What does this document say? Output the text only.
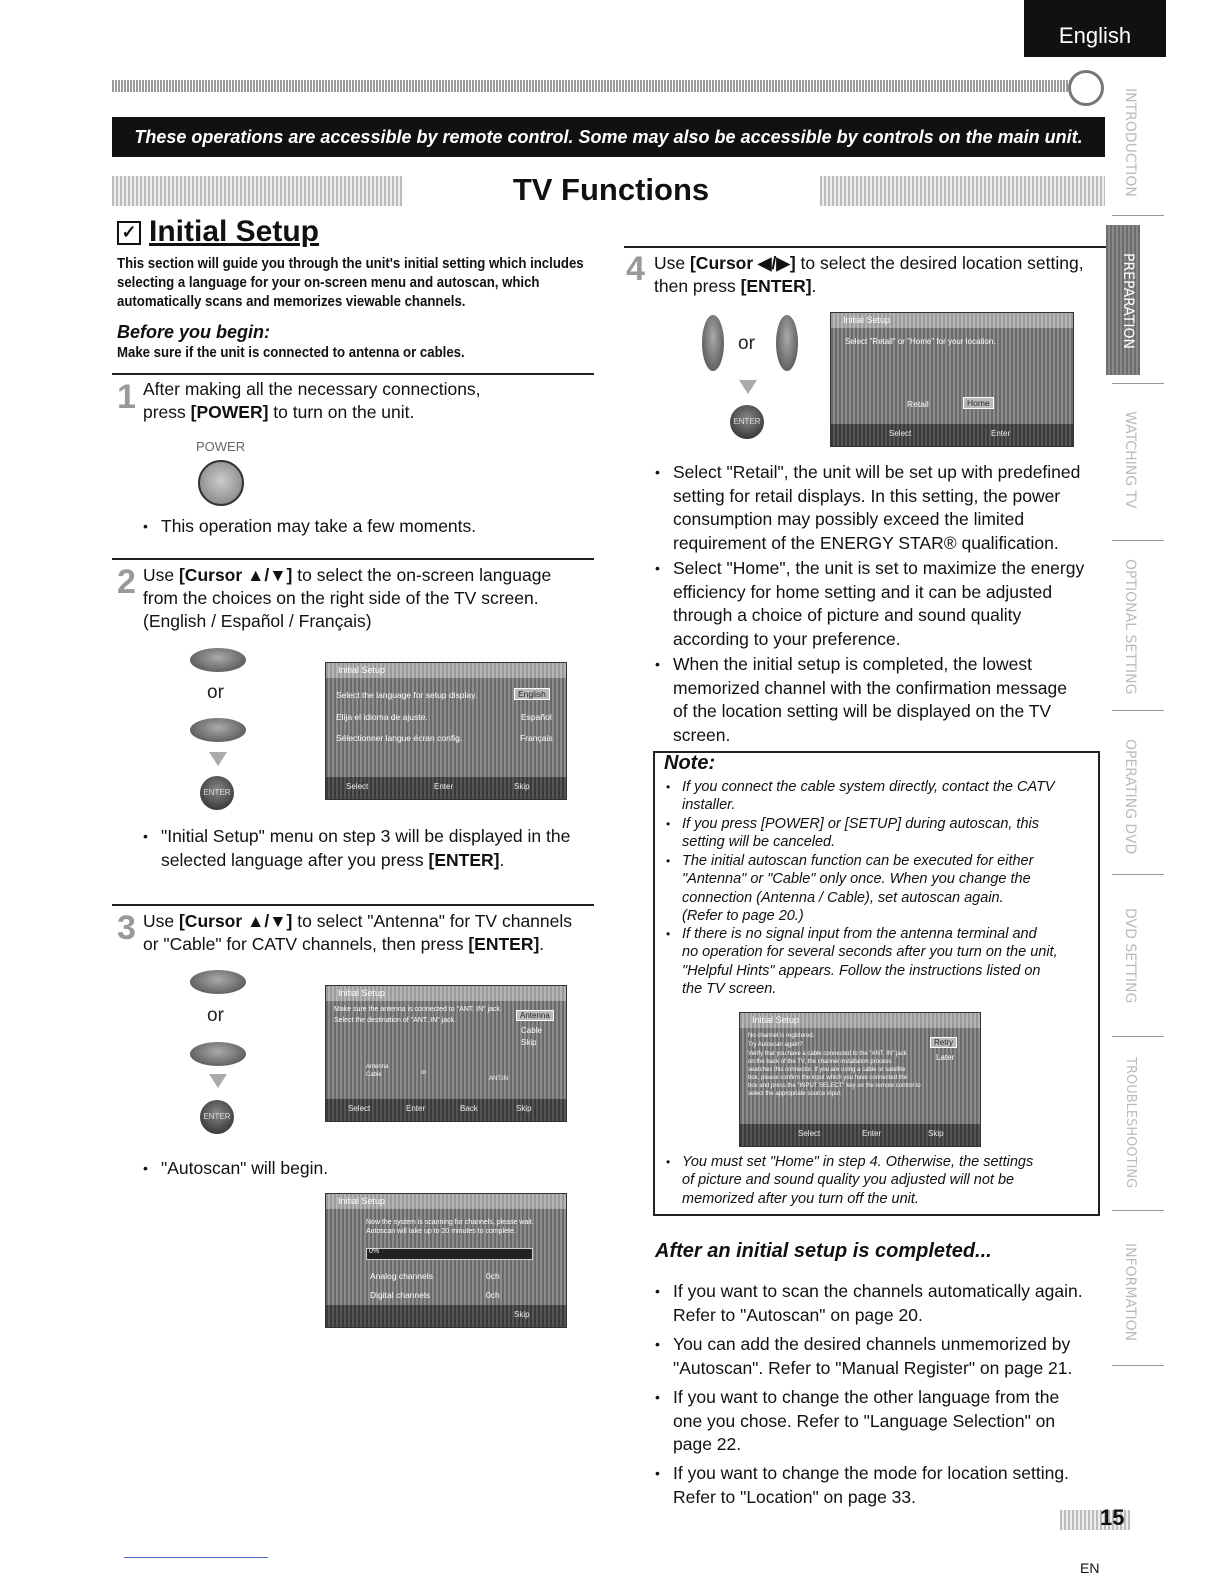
English
These operations are accessible by remote control. Some may also be accessible by controls on the main unit.
TV Functions
✓ Initial Setup
This section will guide you through the unit's initial setting which includes selecting a language for your on-screen menu and autoscan, which automatically scans and memorizes viewable channels.
Before you begin:
Make sure if the unit is connected to antenna or cables.
1 After making all the necessary connections,
press [POWER] to turn on the unit.
POWER
• This operation may take a few moments.
2 Use [Cursor ▲/▼] to select the on-screen language
from the choices on the right side of the TV screen.
(English / Español / Français)
or
ENTER
Initial Setup
Select the language for setup display.
Elija el idioma de ajuste.
Sélectionner langue écran config.
English
Español
Français
Select	Enter	Skip
• "Initial Setup" menu on step 3 will be displayed in the
selected language after you press [ENTER].
3 Use [Cursor ▲/▼] to select "Antenna" for TV channels
or "Cable" for CATV channels, then press [ENTER].
or
ENTER
Initial Setup
Make sure the antenna is connected to "ANT. IN" jack.
Select the destination of "ANT. IN" jack.
Antenna
Cable
Skip
Antenna
Cable	or
ANT.IN
Select	Enter	Back	Skip
• "Autoscan" will begin.
Initial Setup
Now the system is scanning for channels, please wait.
Autoscan will take up to 20 minutes to complete.
0%
Analog channels	0ch
Digital channels	0ch
Skip
4 Use [Cursor ◀/▶] to select the desired location setting,
then press [ENTER].
or
ENTER
Initial Setup
Select "Retail" or "Home" for your location.
Retail	Home
Select	Enter
• Select "Retail", the unit will be set up with predefined
setting for retail displays. In this setting, the power
consumption may possibly exceed the limited
requirement of the ENERGY STAR® qualification.
• Select "Home", the unit is set to maximize the energy
efficiency for home setting and it can be adjusted
through a choice of picture and sound quality
according to your preference.
• When the initial setup is completed, the lowest
memorized channel with the confirmation message
of the location setting will be displayed on the TV
screen.
Note:
• If you connect the cable system directly, contact the CATV
installer.
• If you press [POWER] or [SETUP] during autoscan, this
setting will be canceled.
• The initial autoscan function can be executed for either
"Antenna" or "Cable" only once. When you change the
connection (Antenna / Cable), set autoscan again.
(Refer to page 20.)
• If there is no signal input from the antenna terminal and
no operation for several seconds after you turn on the unit,
"Helpful Hints" appears. Follow the instructions listed on
the TV screen.
Initial Setup
No channel is registered.
Try Autoscan again?
Verify that you have a cable connected to the "ANT. IN" jack
on the back of the TV, the channel installation process
searches this connector. If you are using a cable or satellite
box, please confirm the input which you have connected the
box and press the "INPUT SELECT" key on the remote control to
select the appropriate source input.
Retry
Later
Select	Enter	Skip
• You must set "Home" in step 4. Otherwise, the settings
of picture and sound quality you adjusted will not be
memorized after you turn off the unit.
After an initial setup is completed...
• If you want to scan the channels automatically again.
Refer to "Autoscan" on page 20.
• You can add the desired channels unmemorized by
"Autoscan". Refer to "Manual Register" on page 21.
• If you want to change the other language from the
one you chose. Refer to "Language Selection" on
page 22.
• If you want to change the mode for location setting.
Refer to "Location" on page 33.
INTRODUCTION
PREPARATION
WATCHING TV
OPTIONAL SETTING
OPERATING DVD
DVD SETTING
TROUBLESHOOTING
INFORMATION
15
EN
